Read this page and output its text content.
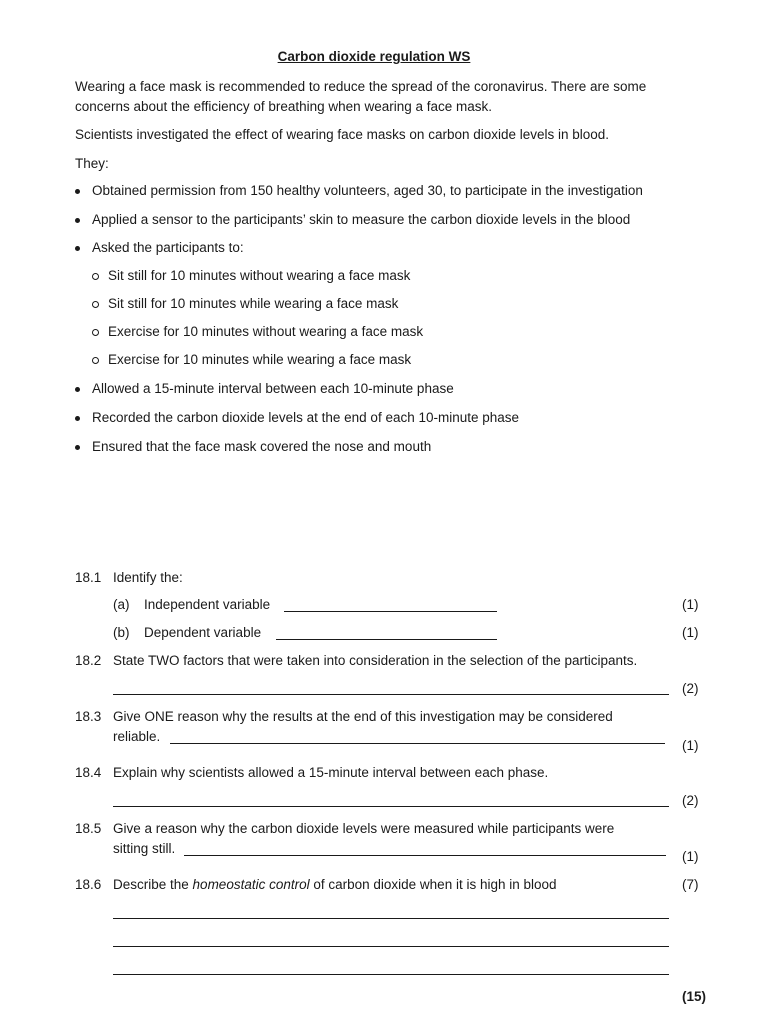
Carbon dioxide regulation WS
Wearing a face mask is recommended to reduce the spread of the coronavirus. There are some
concerns about the efficiency of breathing when wearing a face mask.
Scientists investigated the effect of wearing face masks on carbon dioxide levels in blood.
They:
Obtained permission from 150 healthy volunteers, aged 30, to participate in the investigation
Applied a sensor to the participants’ skin to measure the carbon dioxide levels in the blood
Asked the participants to:
Sit still for 10 minutes without wearing a face mask
Sit still for 10 minutes while wearing a face mask
Exercise for 10 minutes without wearing a face mask
Exercise for 10 minutes while wearing a face mask
Allowed a 15-minute interval between each 10-minute phase
Recorded the carbon dioxide levels at the end of each 10-minute phase
Ensured that the face mask covered the nose and mouth
18.1 Identify the:
(a) Independent variable	(1)
(b) Dependent variable	(1)
18.2 State TWO factors that were taken into consideration in the selection of the participants.
(2)
18.3 Give ONE reason why the results at the end of this investigation may be considered
reliable.
(1)
18.4 Explain why scientists allowed a 15-minute interval between each phase.
(2)
18.5 Give a reason why the carbon dioxide levels were measured while participants were
sitting still.
(1)
18.6 Describe the homeostatic control of carbon dioxide when it is high in blood	(7)
(15)
